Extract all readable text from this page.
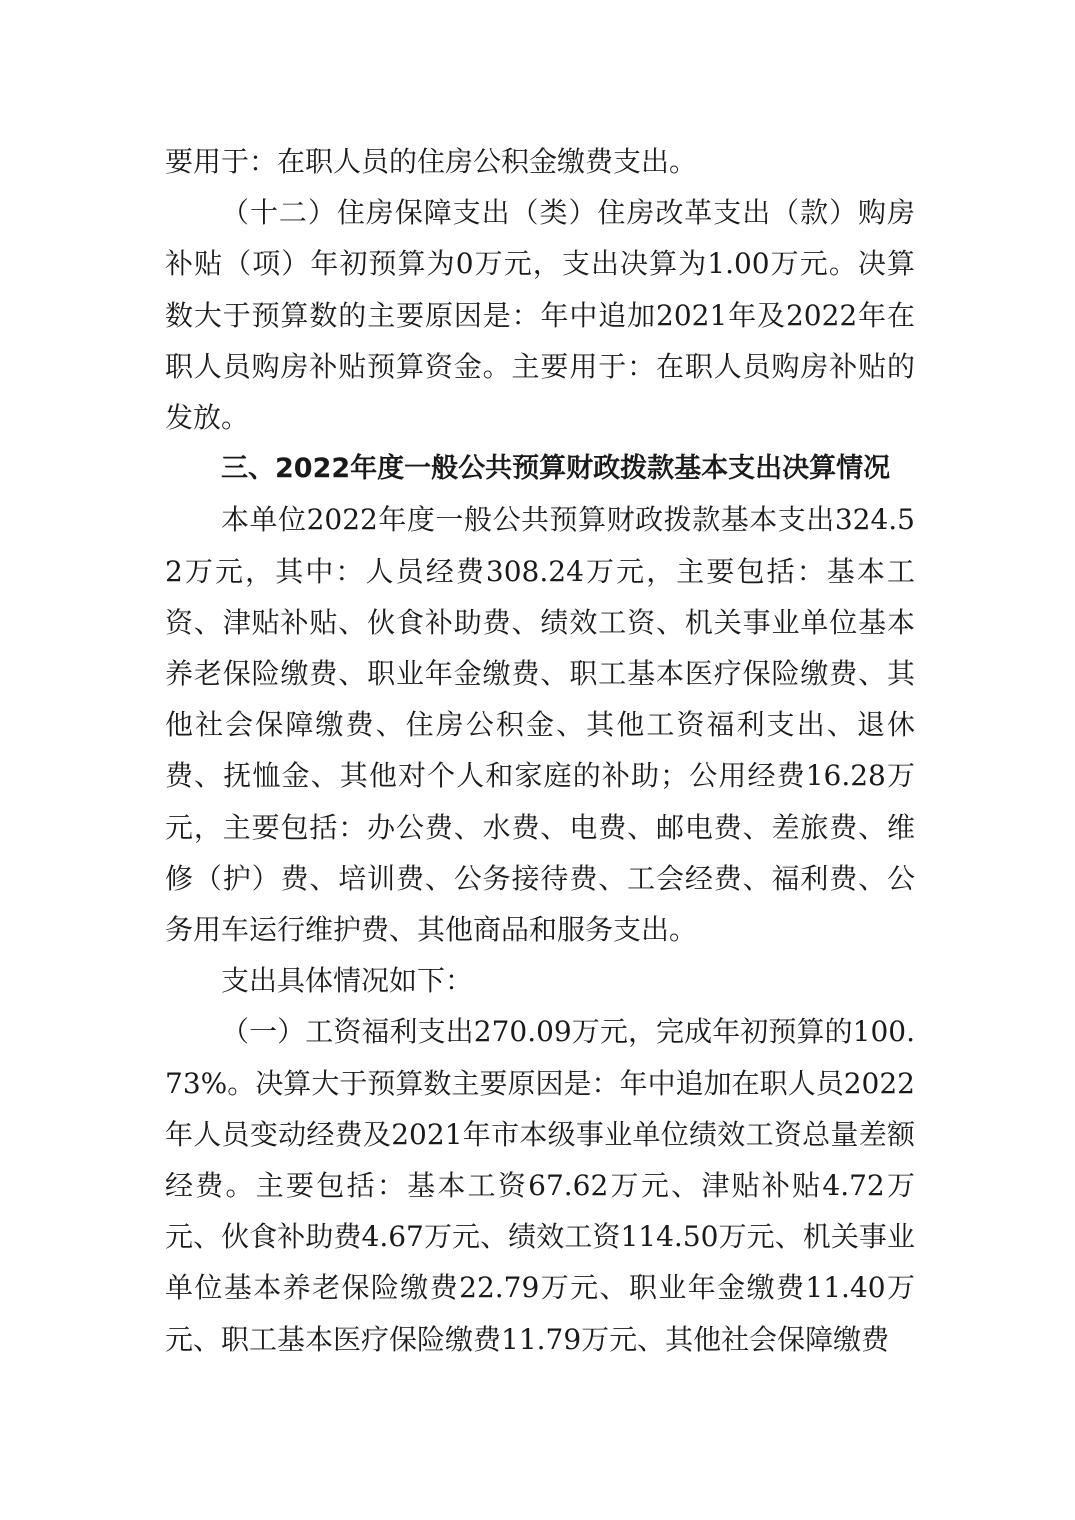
要用于：在职人员的住房公积金缴费支出。

（十二）住房保障支出（类）住房改革支出（款）购房补贴（项）年初预算为0万元，支出决算为1.00万元。决算数大于预算数的主要原因是：年中追加2021年及2022年在职人员购房补贴预算资金。主要用于：在职人员购房补贴的发放。

三、2022年度一般公共预算财政拨款基本支出决算情况

本单位2022年度一般公共预算财政拨款基本支出324.52万元，其中：人员经费308.24万元，主要包括：基本工资、津贴补贴、伙食补助费、绩效工资、机关事业单位基本养老保险缴费、职业年金缴费、职工基本医疗保险缴费、其他社会保障缴费、住房公积金、其他工资福利支出、退休费、抚恤金、其他对个人和家庭的补助；公用经费16.28万元，主要包括：办公费、水费、电费、邮电费、差旅费、维修（护）费、培训费、公务接待费、工会经费、福利费、公务用车运行维护费、其他商品和服务支出。

支出具体情况如下：

（一）工资福利支出270.09万元，完成年初预算的100.73%。决算大于预算数主要原因是：年中追加在职人员2022年人员变动经费及2021年市本级事业单位绩效工资总量差额经费。主要包括：基本工资67.62万元、津贴补贴4.72万元、伙食补助费4.67万元、绩效工资114.50万元、机关事业单位基本养老保险缴费22.79万元、职业年金缴费11.40万元、职工基本医疗保险缴费11.79万元、其他社会保障缴费
